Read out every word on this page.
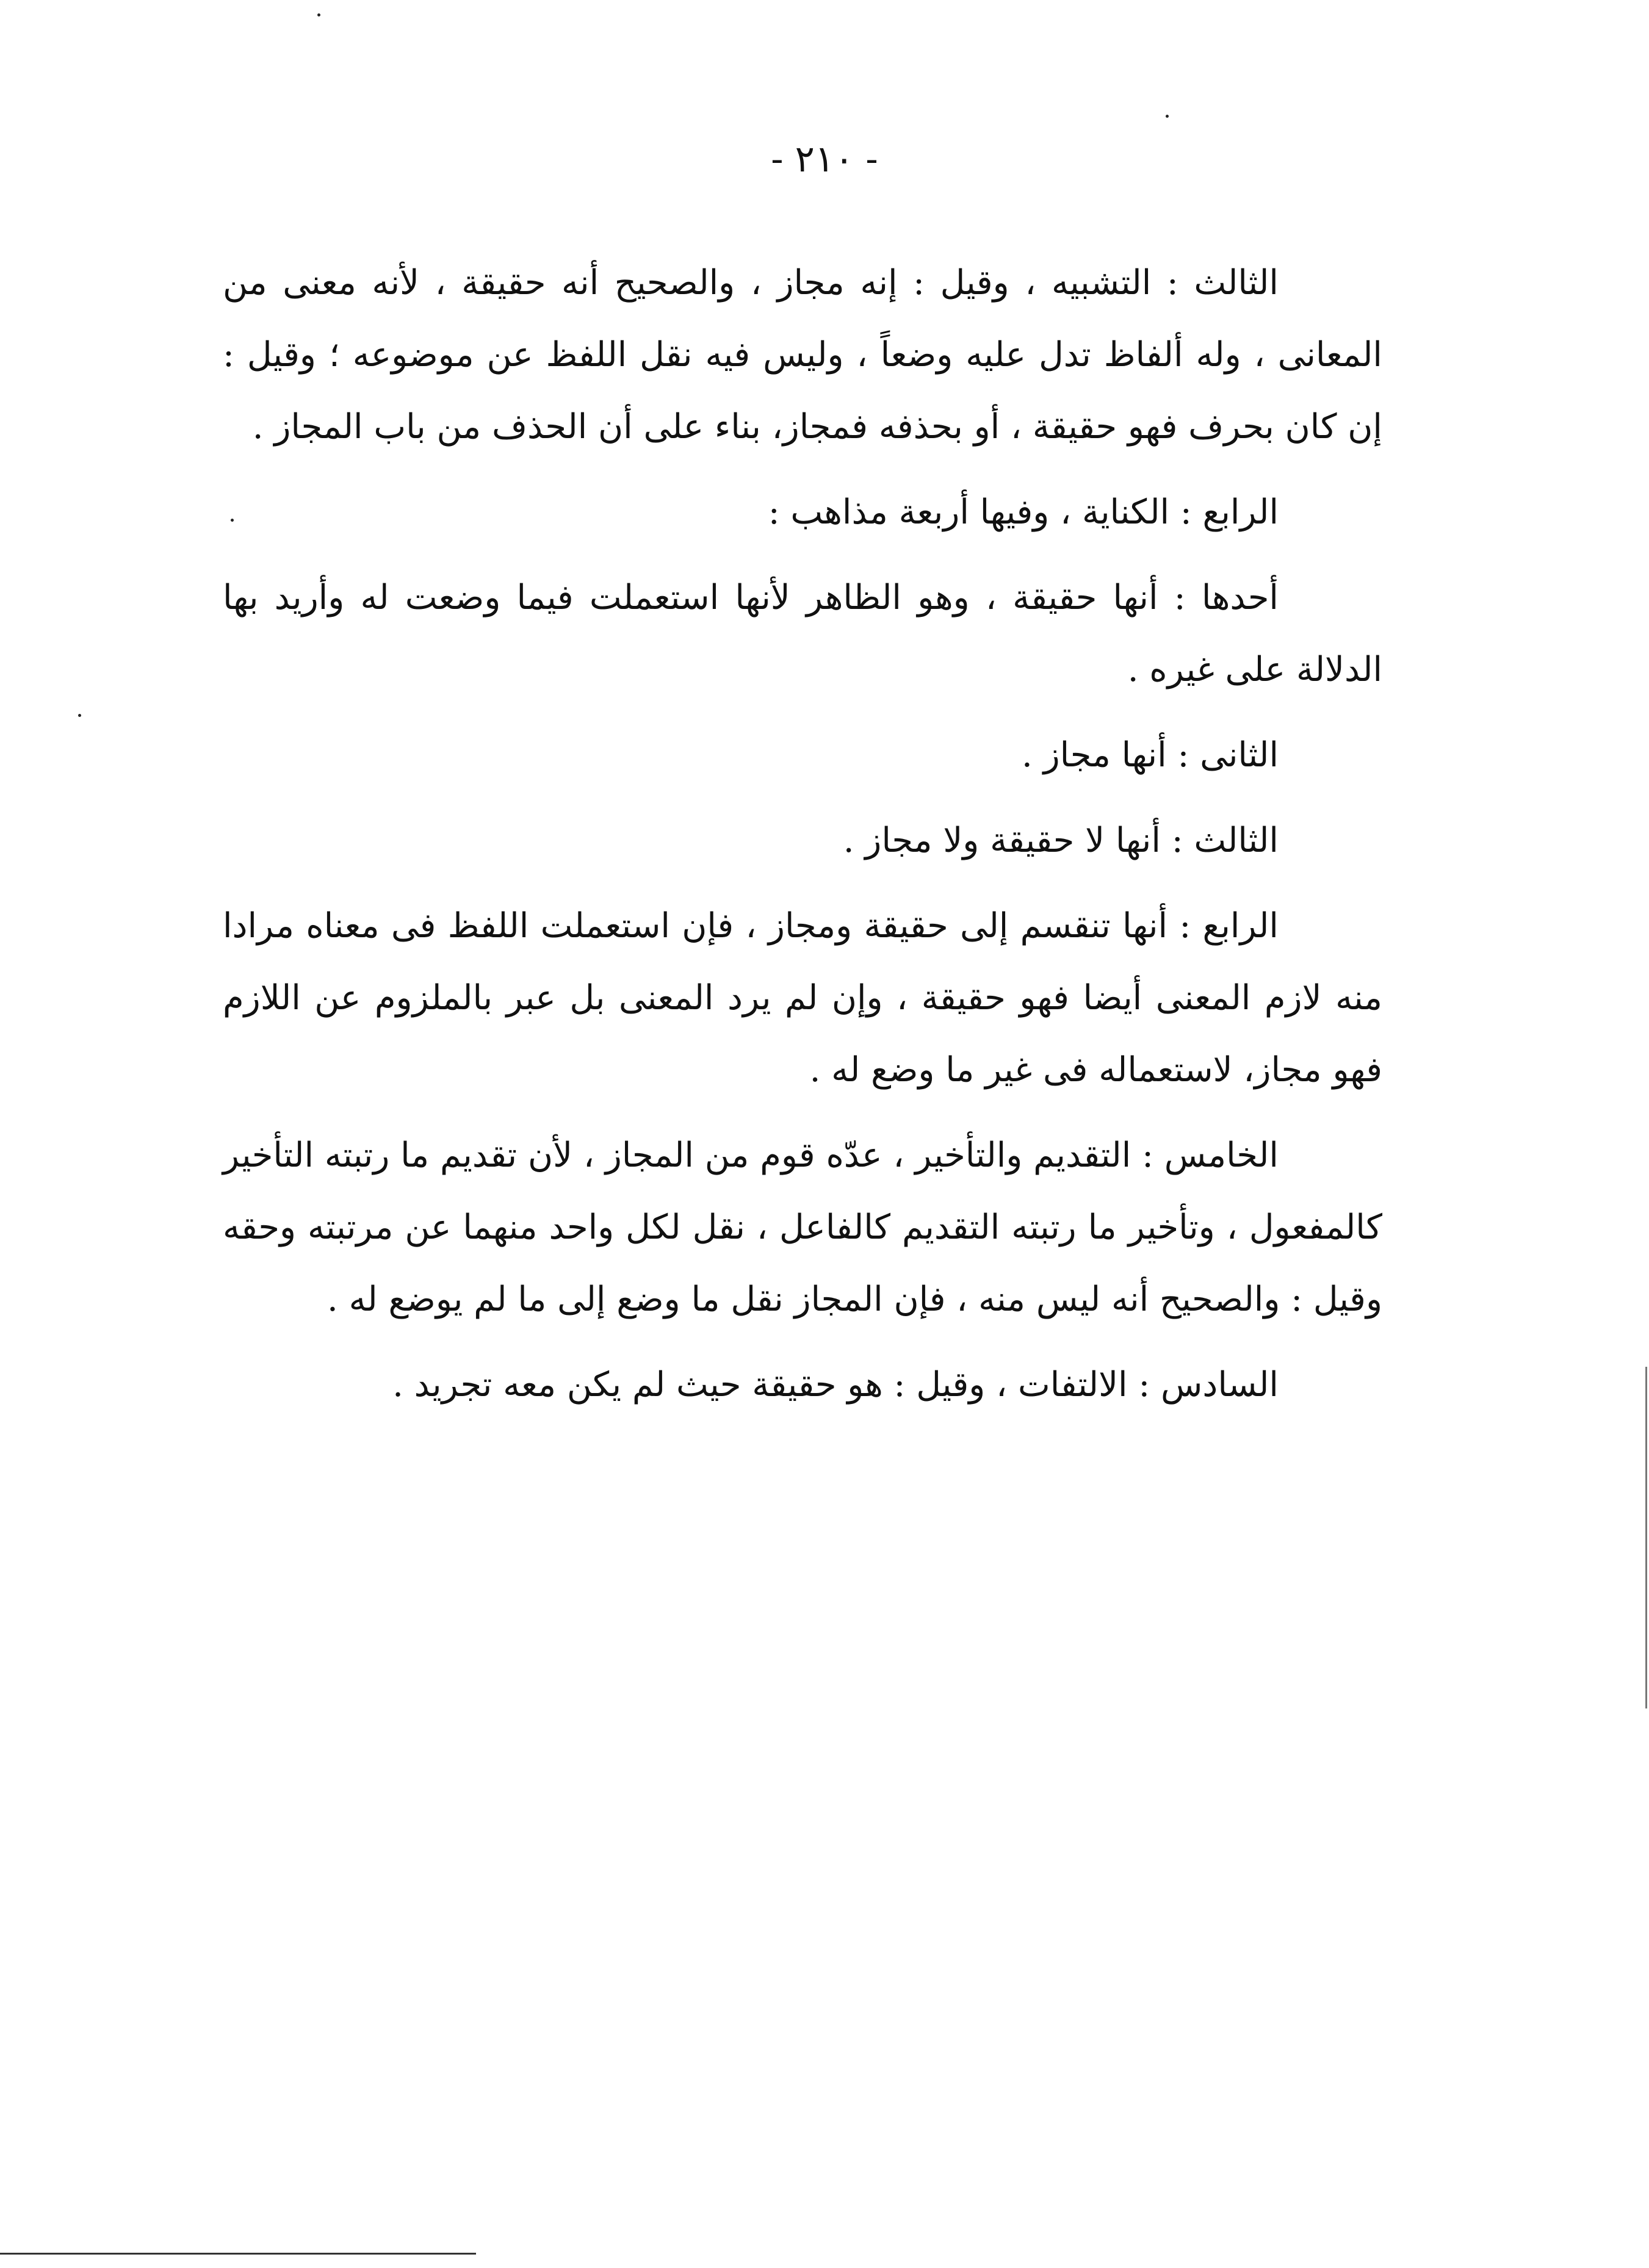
- ٢١٠ -

الثالث : التشبيه ، وقيل : إنه مجاز ، والصحيح أنه حقيقة ، لأنه معنى من المعانى ، وله ألفاظ تدل عليه وضعاً ، وليس فيه نقل اللفظ عن موضوعه ؛ وقيل : إن كان بحرف فهو حقيقة ، أو بحذفه فمجاز، بناء على أن الحذف من باب المجاز .

الرابع : الكناية ، وفيها أربعة مذاهب :

أحدها : أنها حقيقة ، وهو الظاهر لأنها استعملت فيما وضعت له وأريد بها الدلالة على غيره .

الثانى : أنها مجاز .

الثالث : أنها لا حقيقة ولا مجاز .

الرابع : أنها تنقسم إلى حقيقة ومجاز ، فإن استعملت اللفظ فى معناه مرادا منه لازم المعنى أيضا فهو حقيقة ، وإن لم يرد المعنى بل عبر بالملزوم عن اللازم فهو مجاز، لاستعماله فى غير ما وضع له .

الخامس : التقديم والتأخير ، عدّه قوم من المجاز ، لأن تقديم ما رتبته التأخير كالمفعول ، وتأخير ما رتبته التقديم كالفاعل ، نقل لكل واحد منهما عن مرتبته وحقه وقيل : والصحيح أنه ليس منه ، فإن المجاز نقل ما وضع إلى ما لم يوضع له .

السادس : الالتفات ، وقيل : هو حقيقة حيث لم يكن معه تجريد .
